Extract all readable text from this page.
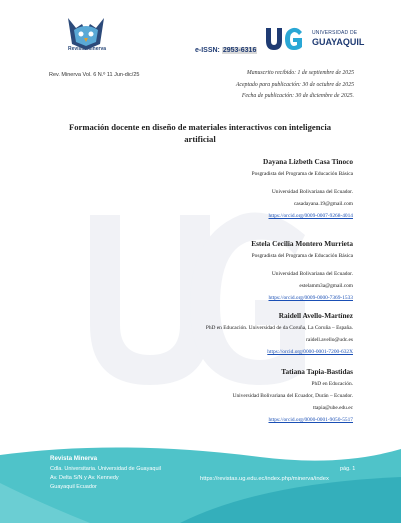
Revista Minerva	e-ISSN: 2953-6316
UNIVERSIDAD DE
GUAYAQUIL
Rev. Minerva Vol. 6 N.º 11 Jun-dic/25	Manuscrito recibido: 1 de septiembre de 2025
Aceptado para publicación: 30 de octubre de 2025
Fecha de publicación: 30 de diciembre de 2025.
Formación docente en diseño de materiales interactivos con inteligencia artificial
Dayana Lizbeth Casa Tinoco
Posgradista del Programa de Educación Básica
Universidad Bolivariana del Ecuador.
casadayana.19@gmail.com
https://orcid.org/0009-0007-9268-4014
Estela Cecilia Montero Murrieta
Posgradista del Programa de Educación Básica
Universidad Bolivariana del Ecuador.
estelamm3a@gmail.com
https://orcid.org/0009-0000-7369-1533
Raidell Avello-Martínez
PhD en Educación. Universidad de da Coruña, La Coruña – España.
raidell.avello@udc.es
https://orcid.org/0000-0001-7200-632X
Tatiana Tapia-Bastidas
PhD en Educación.
Universidad Bolivariana del Ecuador, Durán – Ecuador.
ttapia@ube.edu.ec
https://orcid.org/0000-0001-9050-5517
Revista Minerva
Cdla. Universitaria. Universidad de Guayaquil
Av. Delta S/N y Av. Kennedy
Guayaquil Ecuador
pág. 1
https://revistas.ug.edu.ec/index.php/minerva/index
